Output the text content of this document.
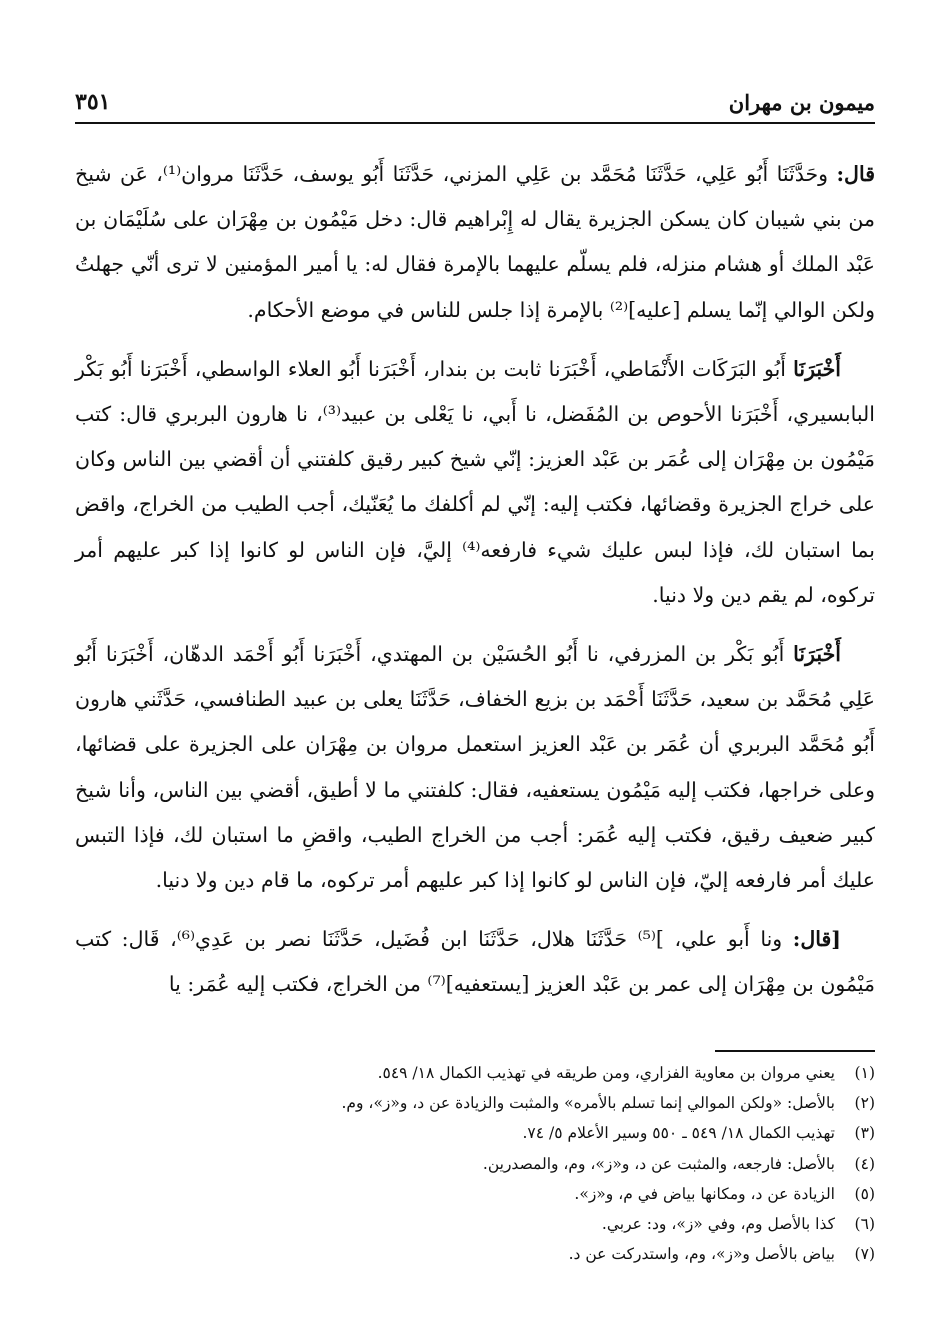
ميمون بن مهران
٣٥١

قال: وحَدَّثَنَا أَبُو عَلِي، حَدَّثَنَا مُحَمَّد بن عَلِي المزني، حَدَّثَنَا أَبُو يوسف، حَدَّثَنَا مروان⁽¹⁾، عَن شيخ من بني شيبان كان يسكن الجزيرة يقال له إِبْراهيم قال: دخل مَيْمُون بن مِهْرَان على سُلَيْمَان بن عَبْد الملك أو هشام منزله، فلم يسلّم عليهما بالإمرة فقال له: يا أمير المؤمنين لا ترى أنّي جهلتُ ولكن الوالي إنّما يسلم [عليه]⁽²⁾ بالإمرة إذا جلس للناس في موضع الأحكام.

أَخْبَرَنَا أَبُو البَرَكَات الأَنْمَاطي، أَخْبَرَنا ثابت بن بندار، أَخْبَرَنا أَبُو العلاء الواسطي، أَخْبَرَنا أَبُو بَكْر البابسيري، أَخْبَرَنا الأحوص بن المُفَضل، نا أَبي، نا يَعْلى بن عبيد⁽³⁾، نا هارون البربري قال: كتب مَيْمُون بن مِهْرَان إلى عُمَر بن عَبْد العزيز: إنّي شيخ كبير رقيق كلفتني أن أقضي بين الناس وكان على خراج الجزيرة وقضائها، فكتب إليه: إنّي لم أكلفك ما يُعَنّيك، أجب الطيب من الخراج، واقض بما استبان لك، فإذا لبس عليك شيء فارفعه⁽⁴⁾ إليَّ، فإن الناس لو كانوا إذا كبر عليهم أمر تركوه، لم يقم دين ولا دنيا.

أَخْبَرَنَا أَبُو بَكْر بن المزرفي، نا أَبُو الحُسَيْن بن المهتدي، أَخْبَرَنا أَبُو أَحْمَد الدهّان، أَخْبَرَنا أَبُو عَلِي مُحَمَّد بن سعيد، حَدَّثَنَا أَحْمَد بن بزيع الخفاف، حَدَّثَنَا يعلى بن عبيد الطنافسي، حَدَّثَني هارون أَبُو مُحَمَّد البربري أن عُمَر بن عَبْد العزيز استعمل مروان بن مِهْرَان على الجزيرة على قضائها، وعلى خراجها، فكتب إليه مَيْمُون يستعفيه، فقال: كلفتني ما لا أطيق، أقضي بين الناس، وأنا شيخ كبير ضعيف رقيق، فكتب إليه عُمَر: أجب من الخراج الطيب، واقضِ ما استبان لك، فإذا التبس عليك أمر فارفعه إليّ، فإن الناس لو كانوا إذا كبر عليهم أمر تركوه، ما قام دين ولا دنيا.

[قال: ونا أَبو علي، ]⁽⁵⁾ حَدَّثَنَا هلال، حَدَّثَنَا ابن فُضَيل، حَدَّثَنَا نصر بن عَدِي⁽⁶⁾، قَال: كتب مَيْمُون بن مِهْرَان إلى عمر بن عَبْد العزيز [يستعفيه]⁽⁷⁾ من الخراج، فكتب إليه عُمَر: يا

(١)
يعني مروان بن معاوية الفزاري، ومن طريقه في تهذيب الكمال ١٨/ ٥٤٩.
(٢)
بالأصل: «ولكن الموالي إنما تسلم بالأمره» والمثبت والزيادة عن د، و«ز»، وم.
(٣)
تهذيب الكمال ١٨/ ٥٤٩ ـ ٥٥٠ وسير الأعلام ٥/ ٧٤.
(٤)
بالأصل: فارجعه، والمثبت عن د، و«ز»، وم، والمصدرين.
(٥)
الزيادة عن د، ومكانها بياض في م، و«ز».
(٦)
كذا بالأصل وم، وفي «ز»، ود: عربي.
(٧)
بياض بالأصل و«ز»، وم، واستدركت عن د.
